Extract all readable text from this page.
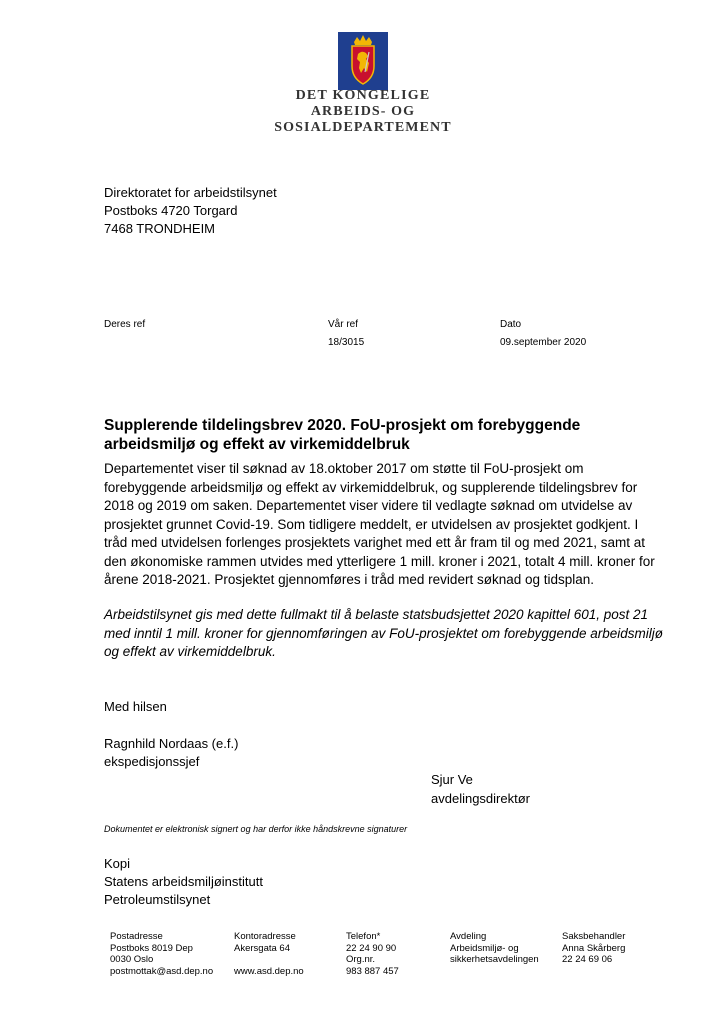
DET KONGELIGE
ARBEIDS- OG SOSIALDEPARTEMENT
Direktoratet for arbeidstilsynet
Postboks 4720 Torgard
7468 TRONDHEIM
Deres ref	Vår ref
18/3015
Dato
09.september 2020
Supplerende tildelingsbrev 2020. FoU-prosjekt om forebyggende arbeidsmiljø og effekt av virkemiddelbruk
Departementet viser til søknad av 18.oktober 2017 om støtte til FoU-prosjekt om forebyggende arbeidsmiljø og effekt av virkemiddelbruk, og supplerende tildelingsbrev for 2018 og 2019 om saken. Departementet viser videre til vedlagte søknad om utvidelse av prosjektet grunnet Covid-19. Som tidligere meddelt, er utvidelsen av prosjektet godkjent. I tråd med utvidelsen forlenges prosjektets varighet med ett år fram til og med 2021, samt at den økonomiske rammen utvides med ytterligere 1 mill. kroner i 2021, totalt 4 mill. kroner for årene 2018-2021. Prosjektet gjennomføres i tråd med revidert søknad og tidsplan.
Arbeidstilsynet gis med dette fullmakt til å belaste statsbudsjettet 2020 kapittel 601, post 21 med inntil 1 mill. kroner for gjennomføringen av FoU-prosjektet om forebyggende arbeidsmiljø og effekt av virkemiddelbruk.
Med hilsen
Ragnhild Nordaas (e.f.)
ekspedisjonssjef
Sjur Ve
avdelingsdirektør
Dokumentet er elektronisk signert og har derfor ikke håndskrevne signaturer
Kopi
Statens arbeidsmiljøinstitutt
Petroleumstilsynet
Postadresse
Postboks 8019 Dep
0030 Oslo
postmottak@asd.dep.no
Kontoradresse
Akersgata 64

www.asd.dep.no
Telefon*
22 24 90 90
Org.nr.
983 887 457
Avdeling
Arbeidsmiljø- og
sikkerhetsavdelingen
Saksbehandler
Anna Skårberg
22 24 69 06
